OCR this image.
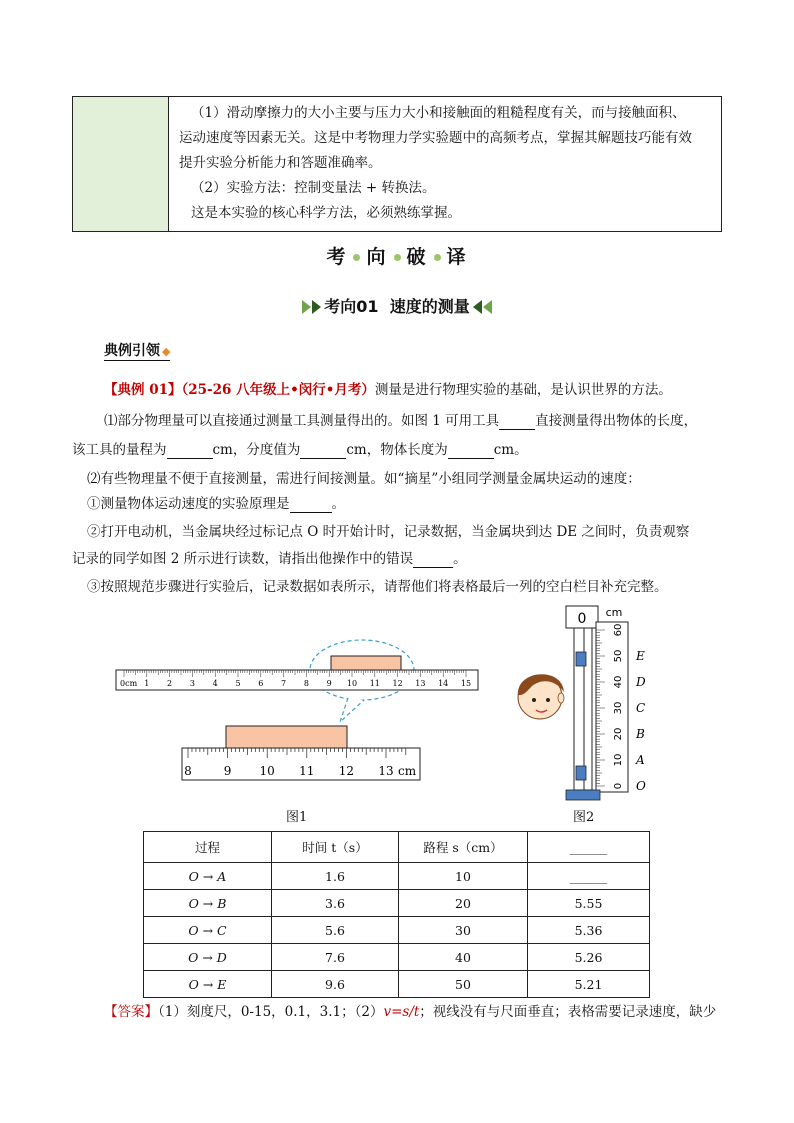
（1）滑动摩擦力的大小主要与压力大小和接触面的粗糙程度有关，而与接触面积、

运动速度等因素无关。这是中考物理力学实验题中的高频考点，掌握其解题技巧能有效

提升实验分析能力和答题准确率。

（2）实验方法：控制变量法 + 转换法。

这是本实验的核心科学方法，必须熟练掌握。

考 向 破 译
考向01  速度的测量
典例引领 ◆
【典例 01】（25-26 八年级上•闵行•月考）测量是进行物理实验的基础，是认识世界的方法。
⑴部分物理量可以直接通过测量工具测量得出的。如图 1 可用工具	直接测量得出物体的长度，
该工具的量程为	cm，分度值为	cm，物体长度为	cm。
⑵有些物理量不便于直接测量，需进行间接测量。如“摘星”小组同学测量金属块运动的速度：
①测量物体运动速度的实验原理是	。
②打开电动机，当金属块经过标记点 O 时开始计时，记录数据，当金属块到达 DE 之间时，负责观察
记录的同学如图 2 所示进行读数，请指出他操作中的错误	。
③按照规范步骤进行实验后，记录数据如表所示，请帮他们将表格最后一列的空白栏目补充完整。
0cm 1 2 3 4 5 6 7 8 9 10 11 12 13 14 15
8	9 10 11 12 13 cm
图1
0 cm
60
50
40
30
20
10
0
E
D
C
B
A
O
图2
过程	时间 t（s）	路程 s（cm）	______
O → A	1.6	10	______
O → B	3.6	20	5.55
O → C	5.6	30	5.36
O → D	7.6	40	5.26
O → E	9.6	50	5.21
【答案】（1）刻度尺，0-15，0.1，3.1；（2）v=s/t；视线没有与尺面垂直；表格需要记录速度，缺少
